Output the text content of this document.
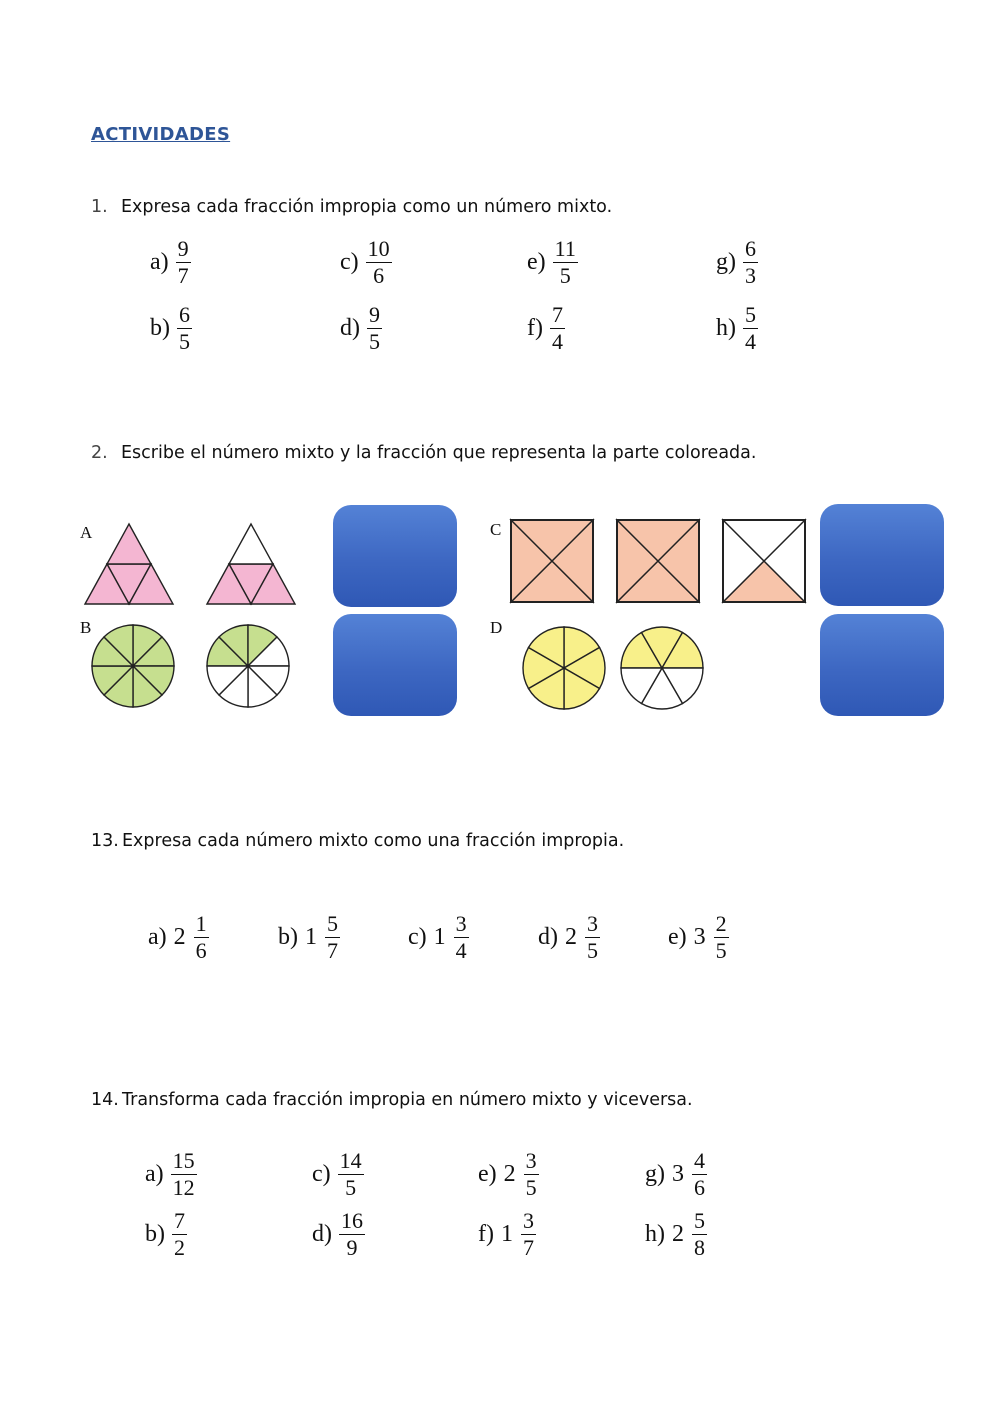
ACTIVIDADES
1. Expresa cada fracción impropia como un número mixto.
$a) \frac{9}{7}$	$c) \frac{10}{6}$	$e) \frac{11}{5}$	$g) \frac{6}{3}$
$b) \frac{6}{5}$	$d) \frac{9}{5}$	$f) \frac{7}{4}$	$h) \frac{5}{4}$
2. Escribe el número mixto y la fracción que representa la parte coloreada.
A
B
C
D
13. Expresa cada número mixto como una fracción impropia.
a) $2 \frac{1}{6}$	b) $1 \frac{5}{7}$	c) $1 \frac{3}{4}$	d) $2 \frac{3}{5}$	e) $3 \frac{2}{5}$
14. Transforma cada fracción impropia en número mixto y viceversa.
$a) \frac{15}{12}$	$c) \frac{14}{5}$	e) $2 \frac{3}{5}$	g) $3 \frac{4}{6}$
$b) \frac{7}{2}$	$d) \frac{16}{9}$	f) $1 \frac{3}{7}$	h) $2 \frac{5}{8}$
